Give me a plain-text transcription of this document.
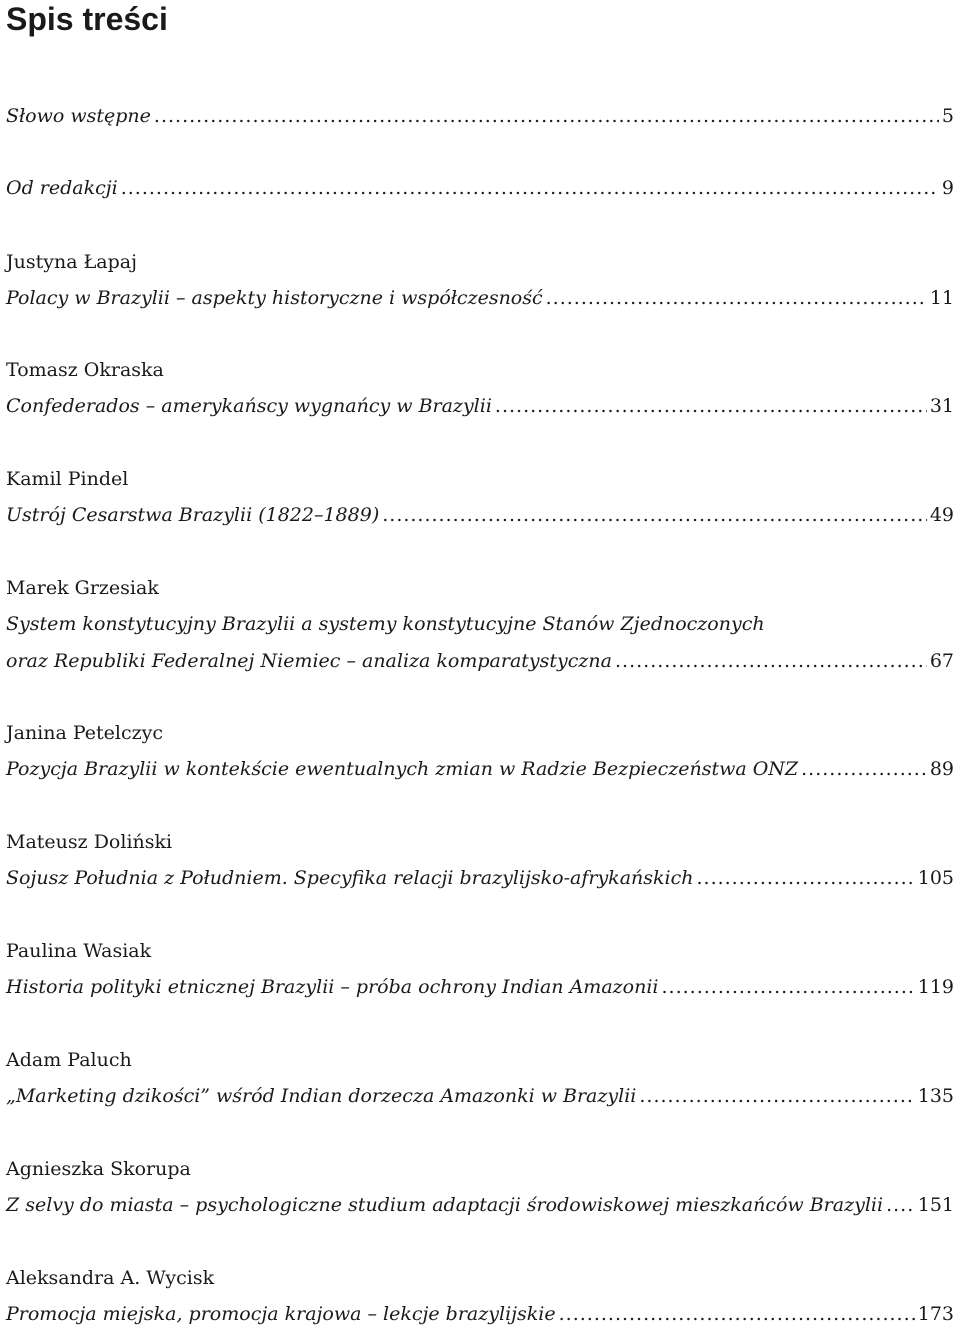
Spis treści
Słowo wstępne .....	5
Od redakcji .....	9
Justyna Łapaj
Polacy w Brazylii – aspekty historyczne i współczesność .....	11
Tomasz Okraska
Confederados – amerykańscy wygnańcy w Brazylii .....	31
Kamil Pindel
Ustrój Cesarstwa Brazylii (1822–1889) .....	49
Marek Grzesiak
System konstytucyjny Brazylii a systemy konstytucyjne Stanów Zjednoczonych
oraz Republiki Federalnej Niemiec – analiza komparatystyczna .....	67
Janina Petelczyc
Pozycja Brazylii w kontekście ewentualnych zmian w Radzie Bezpieczeństwa ONZ .....	89
Mateusz Doliński
Sojusz Południa z Południem. Specyfika relacji brazylijsko-afrykańskich .....	105
Paulina Wasiak
Historia polityki etnicznej Brazylii – próba ochrony Indian Amazonii .....	119
Adam Paluch
„Marketing dzikości” wśród Indian dorzecza Amazonki w Brazylii .....	135
Agnieszka Skorupa
Z selvy do miasta – psychologiczne studium adaptacji środowiskowej mieszkańców Brazylii ..... 151
Aleksandra A. Wycisk
Promocja miejska, promocja krajowa – lekcje brazylijskie .....	173
